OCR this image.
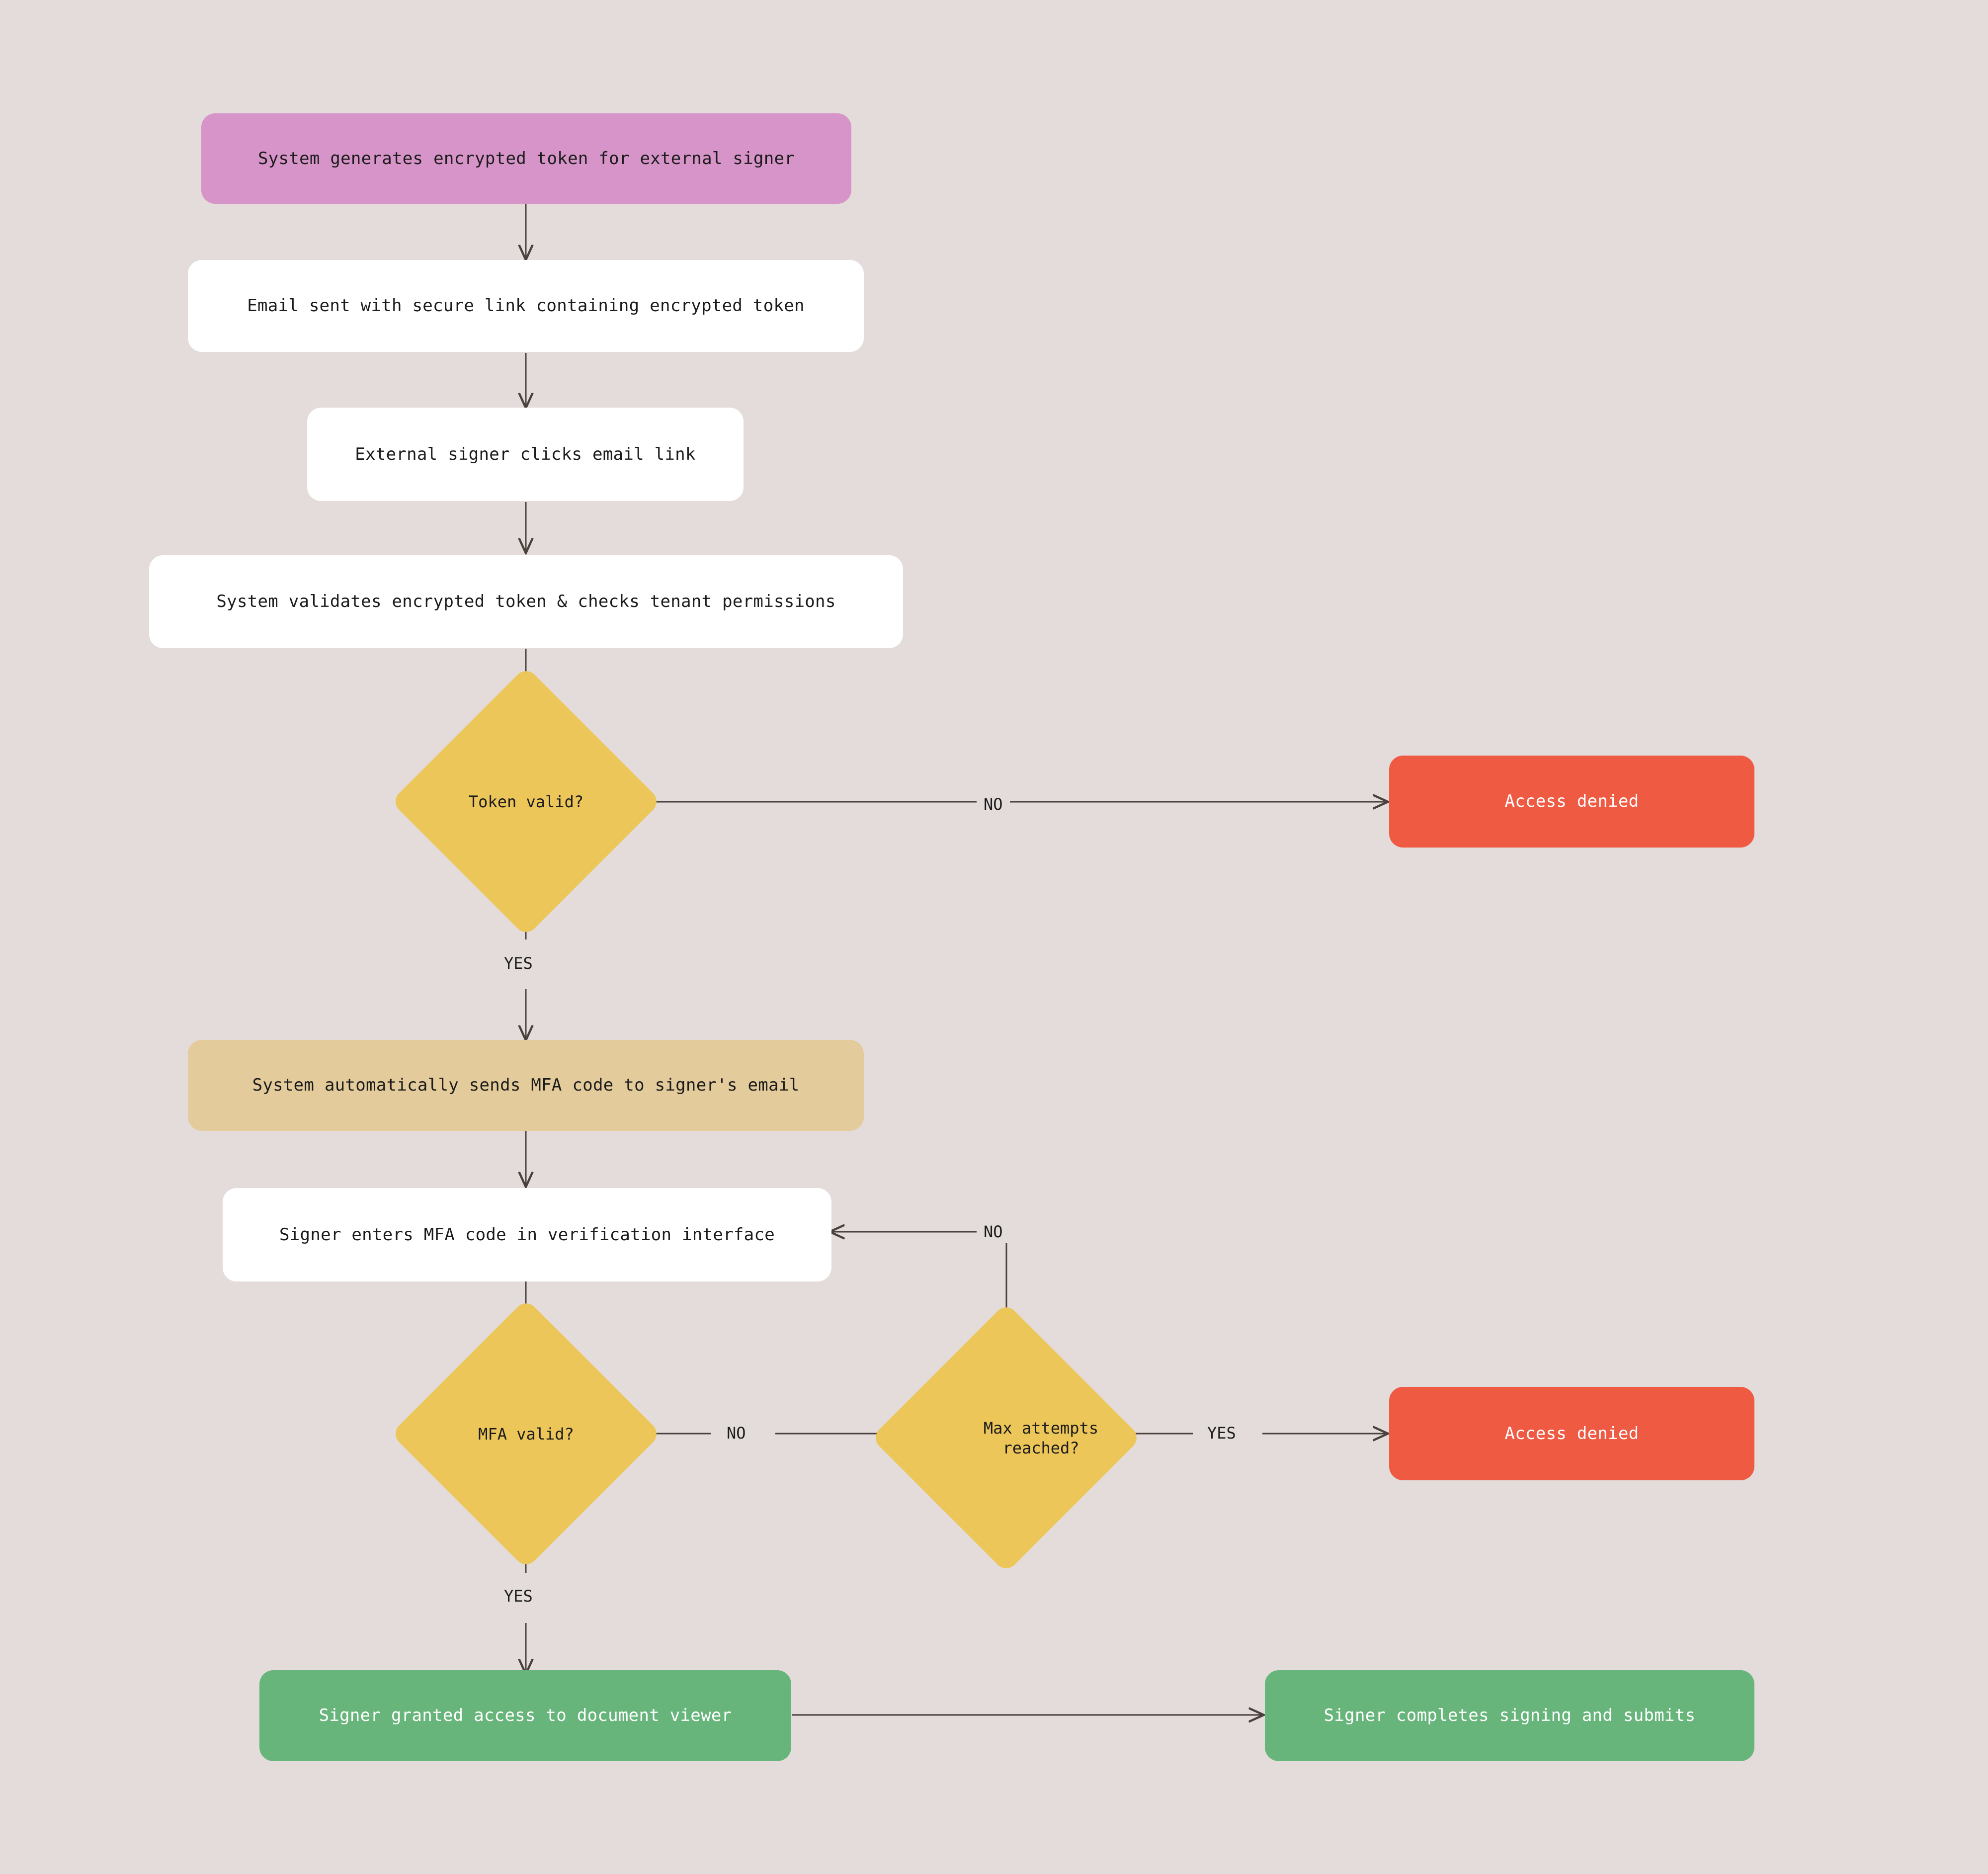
System generates encrypted token for external signer
Email sent with secure link containing encrypted token
External signer clicks email link
System validates encrypted token & checks tenant permissions
Token valid?	Access denied
System automatically sends MFA code to signer's email
Signer enters MFA code in verification interface
MFA valid?	Max attempts reached?
Access denied
Signer granted access to document viewer	Signer completes signing and submits
NO
YES
NO	YES
NO
YES
